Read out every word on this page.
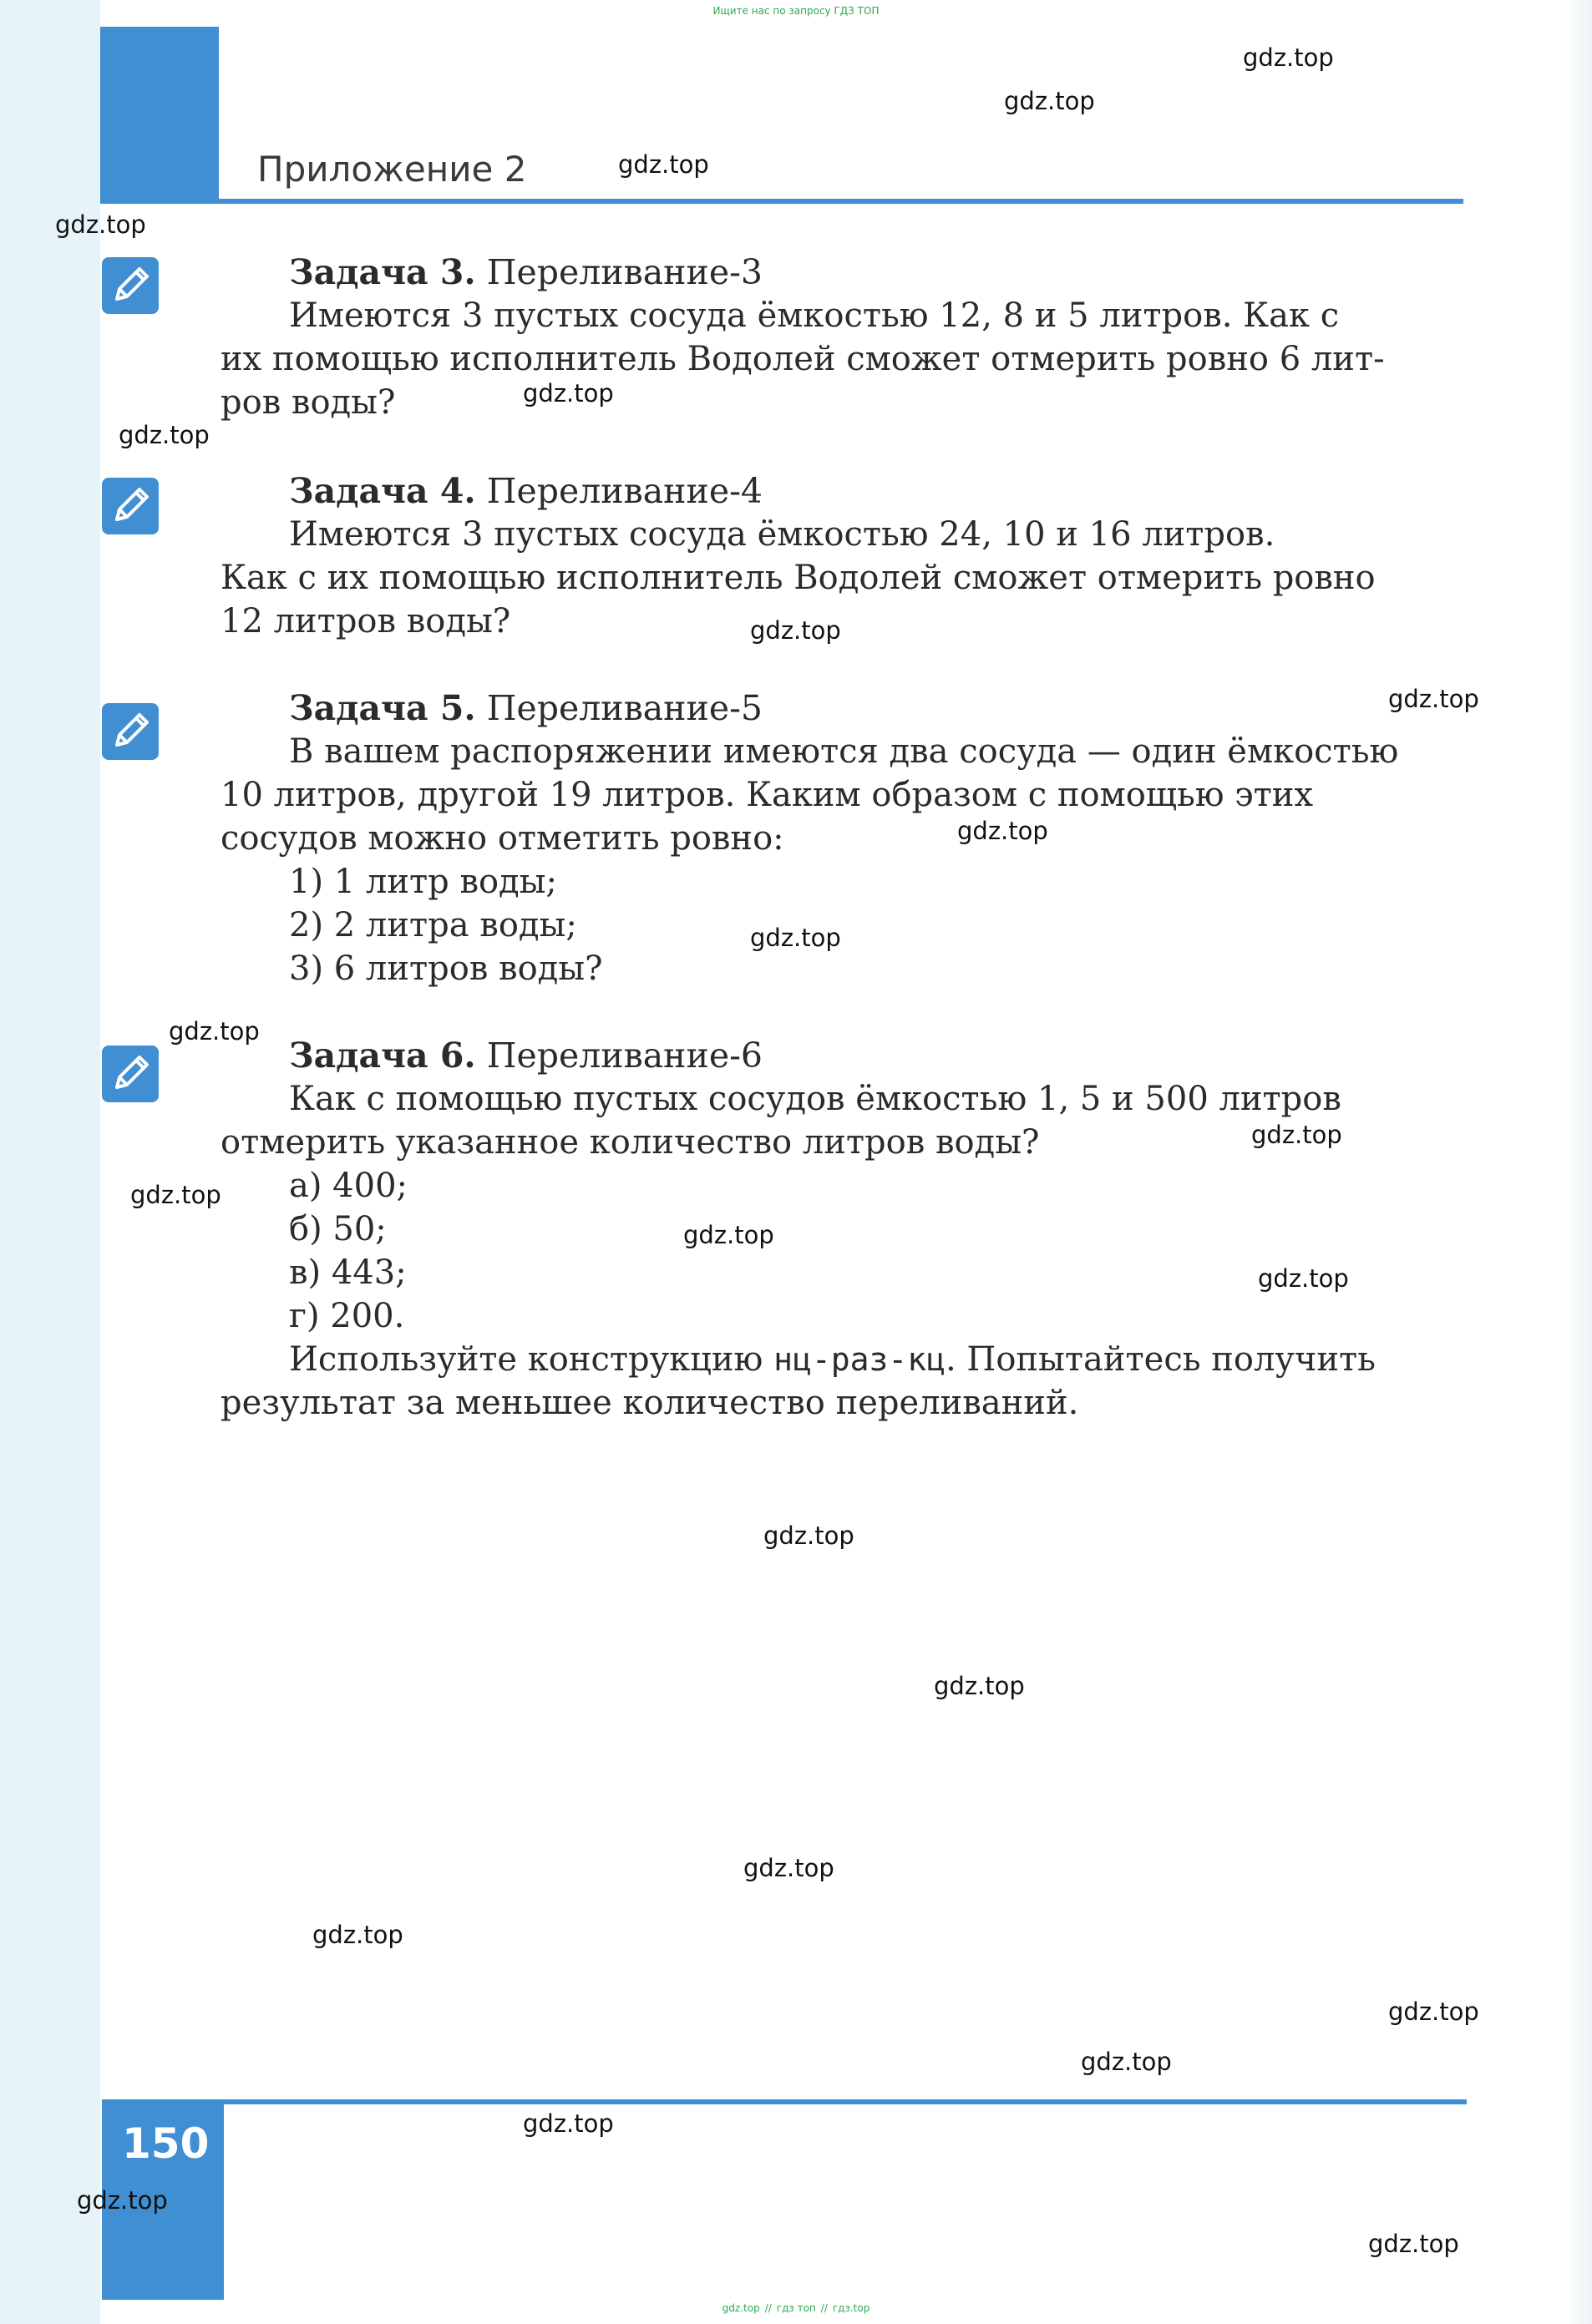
Ищите нас по запросу ГДЗ ТОП
Приложение 2
Задача 3. Переливание-3
Имеются 3 пустых сосуда ёмкостью 12, 8 и 5 литров. Как с
их помощью исполнитель Водолей сможет отмерить ровно 6 лит-
ров воды?
Задача 4. Переливание-4
Имеются 3 пустых сосуда ёмкостью 24, 10 и 16 литров.
Как с их помощью исполнитель Водолей сможет отмерить ровно
12 литров воды?
Задача 5. Переливание-5
В вашем распоряжении имеются два сосуда — один ёмкостью
10 литров, другой 19 литров. Каким образом с помощью этих
сосудов можно отметить ровно:
1) 1 литр воды;
2) 2 литра воды;
3) 6 литров воды?
Задача 6. Переливание-6
Как с помощью пустых сосудов ёмкостью 1, 5 и 500 литров
отмерить указанное количество литров воды?
а) 400;
б) 50;
в) 443;
г) 200.
Используйте конструкцию нц-раз-кц. Попытайтесь получить
результат за меньшее количество переливаний.
150
gdz.top // гдз топ // гдз.top
gdz.top
gdz.top
gdz.top
gdz.top
gdz.top
gdz.top
gdz.top
gdz.top
gdz.top
gdz.top
gdz.top
gdz.top
gdz.top
gdz.top
gdz.top
gdz.top
gdz.top
gdz.top
gdz.top
gdz.top
gdz.top
gdz.top
gdz.top
gdz.top
